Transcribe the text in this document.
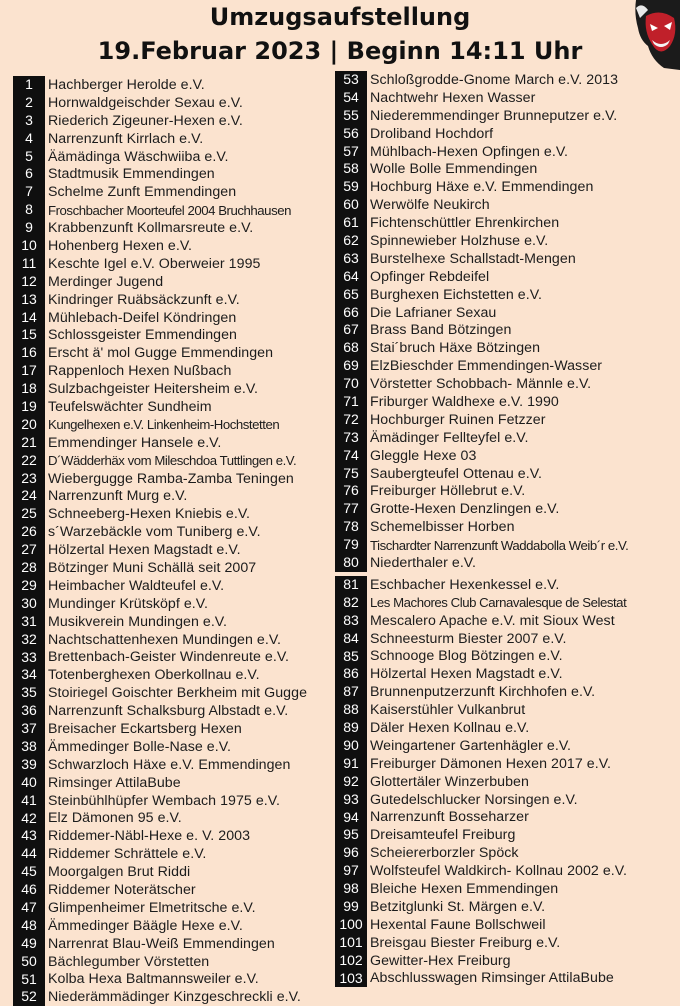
Umzugsaufstellung
19.Februar 2023 | Beginn 14:11 Uhr
1	Hachberger Herolde e.V.
2	Hornwaldgeischder Sexau e.V.
3	Riederich Zigeuner-Hexen e.V.
4	Narrenzunft Kirrlach e.V.
5	Äämädinga Wäschwiiba e.V.
6	Stadtmusik Emmendingen
7	Schelme Zunft Emmendingen
8	Froschbacher Moorteufel 2004 Bruchhausen
9	Krabbenzunft Kollmarsreute e.V.
10 Hohenberg Hexen e.V.
11 Keschte Igel e.V. Oberweier 1995
12 Merdinger Jugend
13 Kindringer Ruäbsäckzunft e.V.
14 Mühlebach-Deifel Köndringen
15 Schlossgeister Emmendingen
16 Erscht ä' mol Gugge Emmendingen
17 Rappenloch Hexen Nußbach
18 Sulzbachgeister Heitersheim e.V.
19 Teufelswächter Sundheim
20 Kungelhexen e.V. Linkenheim-Hochstetten
21 Emmendinger Hansele e.V.
22 D´Wädderhäx vom Mileschdoa Tuttlingen e.V.
23 Wiebergugge Ramba-Zamba Teningen
24 Narrenzunft Murg e.V.
25 Schneeberg-Hexen Kniebis e.V.
26 s´Warzebäckle vom Tuniberg e.V.
27 Hölzertal Hexen Magstadt e.V.
28 Bötzinger Muni Schällä seit 2007
29 Heimbacher Waldteufel e.V.
30 Mundinger Krütsköpf e.V.
31 Musikverein Mundingen e.V.
32 Nachtschattenhexen Mundingen e.V.
33 Brettenbach-Geister Windenreute e.V.
34 Totenberghexen Oberkollnau e.V.
35 Stoiriegel Goischter Berkheim mit Gugge
36 Narrenzunft Schalksburg Albstadt e.V.
37 Breisacher Eckartsberg Hexen
38 Ämmedinger Bolle-Nase e.V.
39 Schwarzloch Häxe e.V. Emmendingen
40 Rimsinger AttilaBube
41 Steinbühlhüpfer Wembach 1975 e.V.
42 Elz Dämonen 95 e.V.
43 Riddemer-Näbl-Hexe e. V. 2003
44 Riddemer Schrättele e.V.
45 Moorgalgen Brut Riddi
46 Riddemer Noterätscher
47 Glimpenheimer Elmetritsche e.V.
48 Ämmedinger Bäägle Hexe e.V.
49 Narrenrat Blau-Weiß Emmendingen
50 Bächlegumber Vörstetten
51 Kolba Hexa Baltmannsweiler e.V.
52 Niederämmädinger Kinzgeschreckli e.V.
53 Schloßgrodde-Gnome March e.V. 2013
54 Nachtwehr Hexen Wasser
55 Niederemmendinger Brunneputzer e.V.
56 Droliband Hochdorf
57 Mühlbach-Hexen Opfingen e.V.
58 Wolle Bolle Emmendingen
59 Hochburg Häxe e.V. Emmendingen
60 Werwölfe Neukirch
61 Fichtenschüttler Ehrenkirchen
62 Spinnewieber Holzhuse e.V.
63 Burstelhexe Schallstadt-Mengen
64 Opfinger Rebdeifel
65 Burghexen Eichstetten e.V.
66 Die Lafrianer Sexau
67 Brass Band Bötzingen
68 Stai´bruch Häxe Bötzingen
69 ElzBieschder Emmendingen-Wasser
70 Vörstetter Schobbach- Männle e.V.
71 Friburger Waldhexe e.V. 1990
72 Hochburger Ruinen Fetzzer
73 Ämädinger Fellteyfel e.V.
74 Gleggle Hexe 03
75 Saubergteufel Ottenau e.V.
76 Freiburger Höllebrut e.V.
77 Grotte-Hexen Denzlingen e.V.
78 Schemelbisser Horben
79 Tischardter Narrenzunft Waddabolla Weib´r e.V.
80 Niederthaler e.V.
81 Eschbacher Hexenkessel e.V.
82 Les Machores Club Carnavalesque de Selestat
83 Mescalero Apache e.V. mit Sioux West
84 Schneesturm Biester 2007 e.V.
85 Schnooge Blog Bötzingen e.V.
86 Hölzertal Hexen Magstadt e.V.
87 Brunnenputzerzunft Kirchhofen e.V.
88 Kaiserstühler Vulkanbrut
89 Däler Hexen Kollnau e.V.
90 Weingartener Gartenhägler e.V.
91 Freiburger Dämonen Hexen 2017 e.V.
92 Glottertäler Winzerbuben
93 Gutedelschlucker Norsingen e.V.
94 Narrenzunft Bosseharzer
95 Dreisamteufel Freiburg
96 Scheiererborzler Spöck
97 Wolfsteufel Waldkirch- Kollnau 2002 e.V.
98 Bleiche Hexen Emmendingen
99 Betzitglunki St. Märgen e.V.
100 Hexental Faune Bollschweil
101 Breisgau Biester Freiburg e.V.
102 Gewitter-Hex Freiburg
103 Abschlusswagen Rimsinger AttilaBube
